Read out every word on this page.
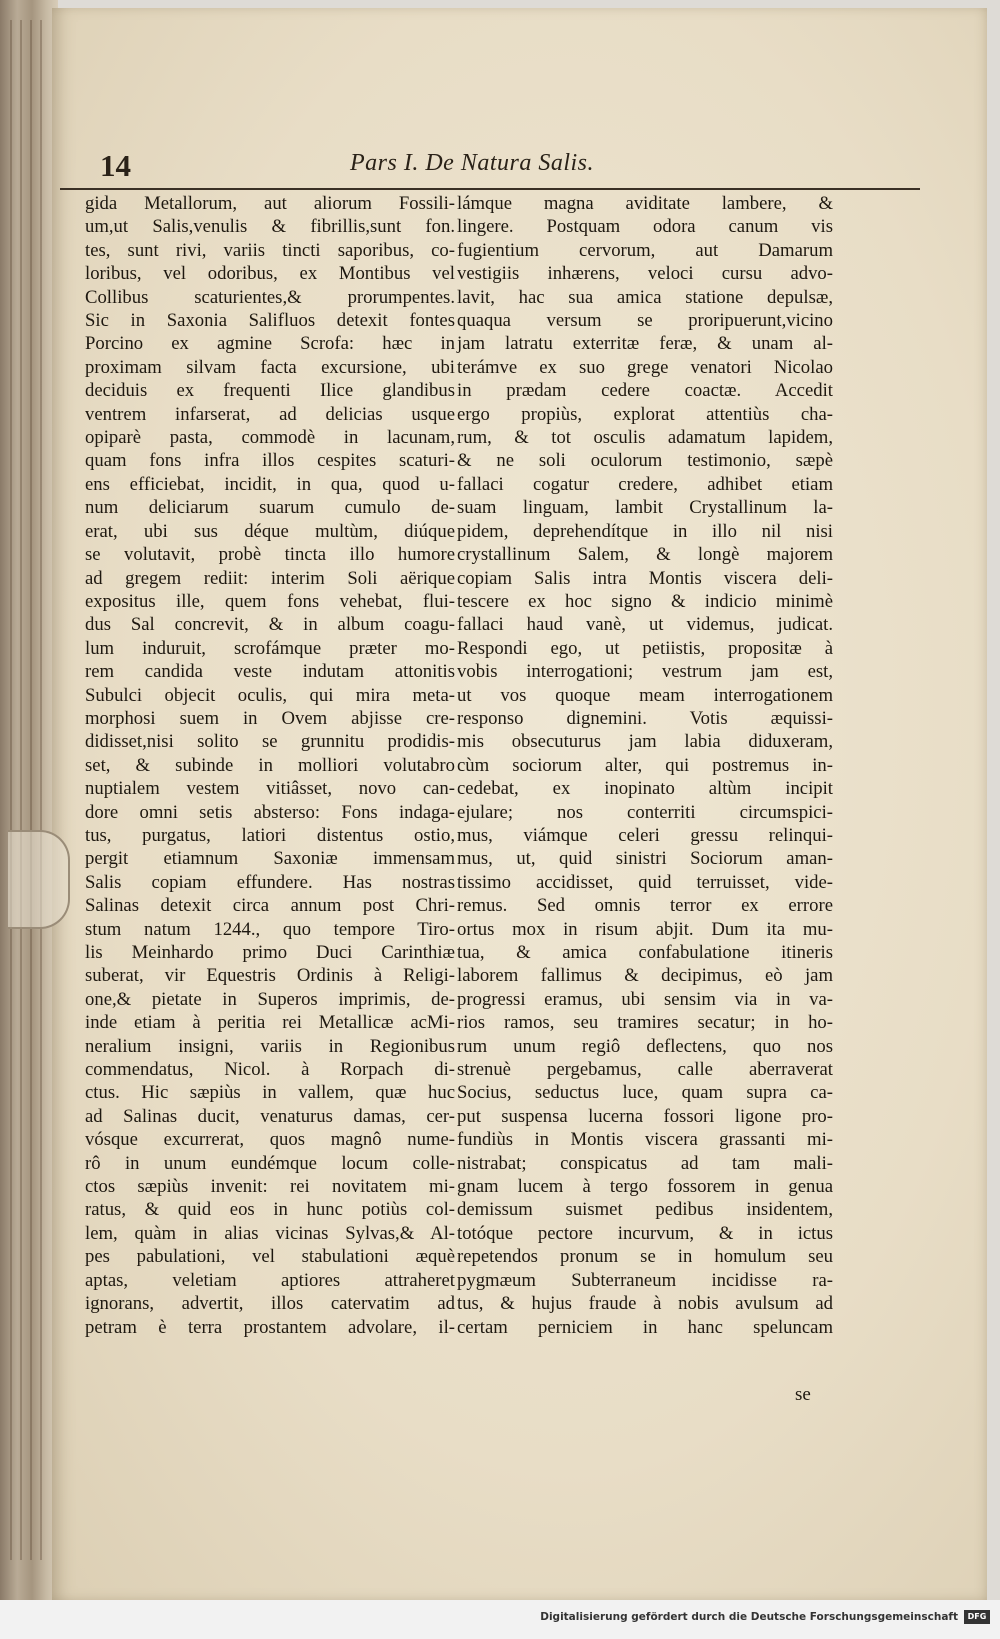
14	Pars I. De Natura Salis.
gida Metallorum, aut aliorum Fossili-
um,ut Salis,venulis & fibrillis,sunt fon.
tes, sunt rivi, variis tincti saporibus, co-
loribus, vel odoribus, ex Montibus vel
Collibus scaturientes,& prorumpentes.
Sic in Saxonia Salifluos detexit fontes
Porcino ex agmine Scrofa: hæc in
proximam silvam facta excursione, ubi
deciduis ex frequenti Ilice glandibus
ventrem infarserat, ad delicias usque
opiparè pasta, commodè in lacunam,
quam fons infra illos cespites scaturi-
ens efficiebat, incidit, in qua, quod u-
num deliciarum suarum cumulo de-
erat, ubi sus déque multùm, diúque
se volutavit, probè tincta illo humore
ad gregem rediit: interim Soli aërique
expositus ille, quem fons vehebat, flui-
dus Sal concrevit, & in album coagu-
lum induruit, scrofámque præter mo-
rem candida veste indutam attonitis
Subulci objecit oculis, qui mira meta-
morphosi suem in Ovem abjisse cre-
didisset,nisi solito se grunnitu prodidis-
set, & subinde in molliori volutabro
nuptialem vestem vitiâsset, novo can-
dore omni setis absterso: Fons indaga-
tus, purgatus, latiori distentus ostio,
pergit etiamnum Saxoniæ immensam
Salis copiam effundere. Has nostras
Salinas detexit circa annum post Chri-
stum natum 1244., quo tempore Tiro-
lis Meinhardo primo Duci Carinthiæ
suberat, vir Equestris Ordinis à Religi-
one,& pietate in Superos imprimis, de-
inde etiam à peritia rei Metallicæ acMi-
neralium insigni, variis in Regionibus
commendatus, Nicol. à Rorpach di-
ctus. Hic sæpiùs in vallem, quæ huc
ad Salinas ducit, venaturus damas, cer-
vósque excurrerat, quos magnô nume-
rô in unum eundémque locum colle-
ctos sæpiùs invenit: rei novitatem mi-
ratus, & quid eos in hunc potiùs col-
lem, quàm in alias vicinas Sylvas,& Al-
pes pabulationi, vel stabulationi æquè
aptas, veletiam aptiores attraheret
ignorans, advertit, illos catervatim ad
petram è terra prostantem advolare, il-
lámque magna aviditate lambere, &
lingere. Postquam odora canum vis
fugientium cervorum, aut Damarum
vestigiis inhærens, veloci cursu advo-
lavit, hac sua amica statione depulsæ,
quaqua versum se proripuerunt,vicino
jam latratu exterritæ feræ, & unam al-
terámve ex suo grege venatori Nicolao
in prædam cedere coactæ. Accedit
ergo propiùs, explorat attentiùs cha-
rum, & tot osculis adamatum lapidem,
& ne soli oculorum testimonio, sæpè
fallaci cogatur credere, adhibet etiam
suam linguam, lambit Crystallinum la-
pidem, deprehendítque in illo nil nisi
crystallinum Salem, & longè majorem
copiam Salis intra Montis viscera deli-
tescere ex hoc signo & indicio minimè
fallaci haud vanè, ut videmus, judicat.
Respondi ego, ut petiistis, propositæ à
vobis interrogationi; vestrum jam est,
ut vos quoque meam interrogationem
responso dignemini. Votis æquissi-
mis obsecuturus jam labia diduxeram,
cùm sociorum alter, qui postremus in-
cedebat, ex inopinato altùm incipit
ejulare; nos conterriti circumspici-
mus, viámque celeri gressu relinqui-
mus, ut, quid sinistri Sociorum aman-
tissimo accidisset, quid terruisset, vide-
remus. Sed omnis terror ex errore
ortus mox in risum abjit. Dum ita mu-
tua, & amica confabulatione itineris
laborem fallimus & decipimus, eò jam
progressi eramus, ubi sensim via in va-
rios ramos, seu tramires secatur; in ho-
rum unum regiô deflectens, quo nos
strenuè pergebamus, calle aberraverat
Socius, seductus luce, quam supra ca-
put suspensa lucerna fossori ligone pro-
fundiùs in Montis viscera grassanti mi-
nistrabat; conspicatus ad tam mali-
gnam lucem à tergo fossorem in genua
demissum suismet pedibus insidentem,
totóque pectore incurvum, & in ictus
repetendos pronum se in homulum seu
pygmæum Subterraneum incidisse ra-
tus, & hujus fraude à nobis avulsum ad
certam perniciem in hanc speluncam
se
Digitalisierung gefördert durch die Deutsche Forschungsgemeinschaft	DFG
